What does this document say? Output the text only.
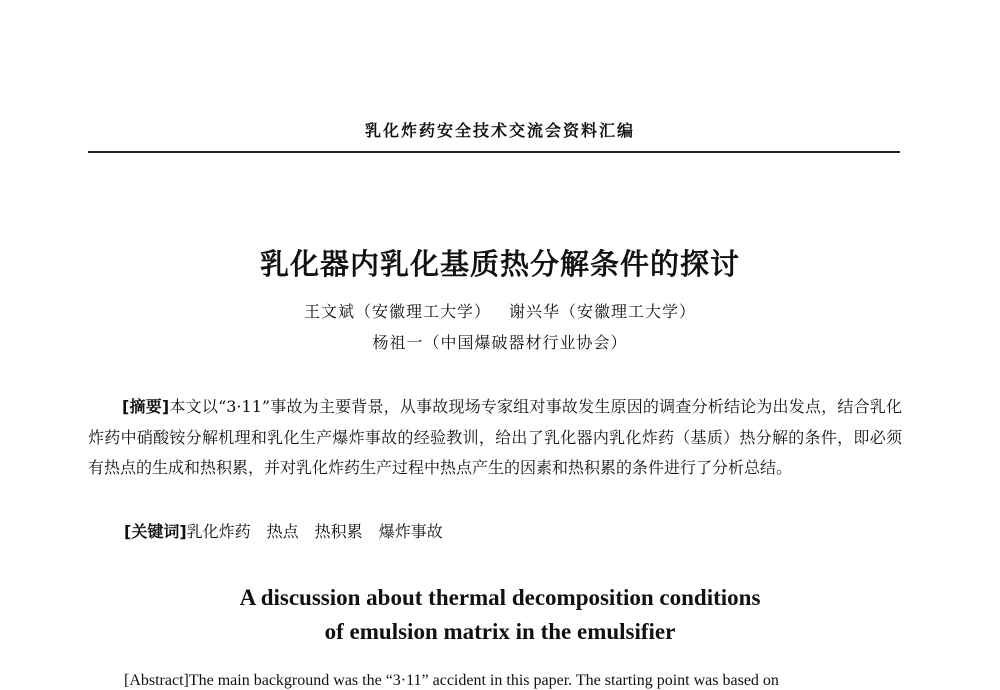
乳化炸药安全技术交流会资料汇编
乳化器内乳化基质热分解条件的探讨
王文斌（安徽理工大学） 谢兴华（安徽理工大学）
杨祖一（中国爆破器材行业协会）

[摘要]本文以“3·11”事故为主要背景，从事故现场专家组对事故发生原因的调查分析结论为出发点，结合乳化炸药中硝酸铵分解机理和乳化生产爆炸事故的经验教训，给出了乳化器内乳化炸药（基质）热分解的条件，即必须有热点的生成和热积累，并对乳化炸药生产过程中热点产生的因素和热积累的条件进行了分析总结。

[关键词]乳化炸药 热点 热积累 爆炸事故
A discussion about thermal decomposition conditions
of emulsion matrix in the emulsifier
[Abstract]The main background was the “3·11” accident in this paper. The starting point was based on
